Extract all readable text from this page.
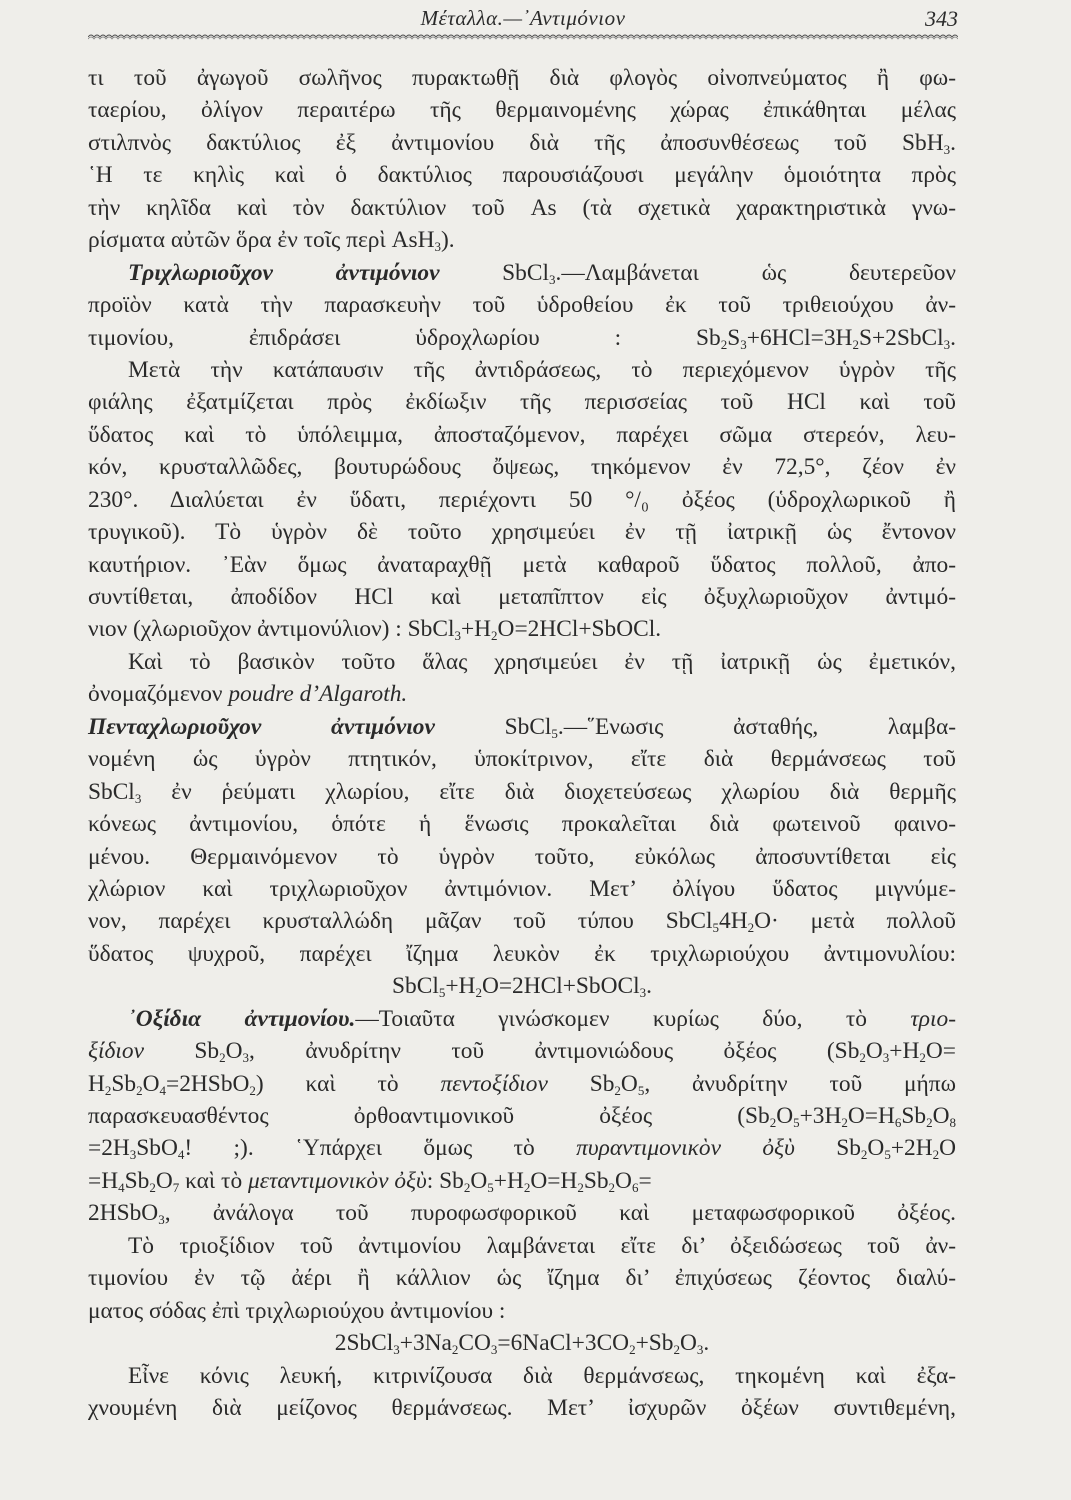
Μέταλλα.—᾿Αντιμόνιον	343
τι τοῦ ἀγωγοῦ σωλῆνος πυρακτωθῇ διὰ φλογὸς οἰνοπνεύματος ἢ φω-
ταερίου, ὀλίγον περαιτέρω τῆς θερμαινομένης χώρας ἐπικάθηται μέλας
στιλπνὸς δακτύλιος ἐξ ἀντιμονίου διὰ τῆς ἀποσυνθέσεως τοῦ SbH$_3$.
῾Η τε κηλὶς καὶ ὁ δακτύλιος παρουσιάζουσι μεγάλην ὁμοιότητα πρὸς
τὴν κηλῖδα καὶ τὸν δακτύλιον τοῦ As (τὰ σχετικὰ χαρακτηριστικὰ γνω-
ρίσματα αὐτῶν ὅρα ἐν τοῖς περὶ AsH$_3$).
Τριχλωριοῦχον ἀντιμόνιον SbCl$_3$.—Λαμβάνεται ὡς δευτερεῦον
προϊὸν κατὰ τὴν παρασκευὴν τοῦ ὑδροθείου ἐκ τοῦ τριθειούχου ἀν-
τιμονίου, ἐπιδράσει ὑδροχλωρίου : $Sb_2S_3+6HCl=3H_2S+2SbCl_3$.
Μετὰ τὴν κατάπαυσιν τῆς ἀντιδράσεως, τὸ περιεχόμενον ὑγρὸν τῆς
φιάλης ἐξατμίζεται πρὸς ἐκδίωξιν τῆς περισσείας τοῦ HCl καὶ τοῦ
ὕδατος καὶ τὸ ὑπόλειμμα, ἀποσταζόμενον, παρέχει σῶμα στερεόν, λευ-
κόν, κρυσταλλῶδες, βουτυρώδους ὄψεως, τηκόμενον ἐν 72,5°, ζέον ἐν
230°. Διαλύεται ἐν ὕδατι, περιέχοντι 50 °/₀ ὀξέος (ὑδροχλωρικοῦ ἢ
τρυγικοῦ). Τὸ ὑγρὸν δὲ τοῦτο χρησιμεύει ἐν τῇ ἰατρικῇ ὡς ἔντονον
καυτήριον. ᾿Εὰν ὅμως ἀναταραχθῇ μετὰ καθαροῦ ὕδατος πολλοῦ, ἀπο-
συντίθεται, ἀποδίδον HCl καὶ μεταπῖπτον εἰς ὀξυχλωριοῦχον ἀντιμό-
νιον (χλωριοῦχον ἀντιμονύλιον) : $SbCl_3+H_2O=2HCl+SbOCl$.
Καὶ τὸ βασικὸν τοῦτο ἅλας χρησιμεύει ἐν τῇ ἰατρικῇ ὡς ἐμετικόν,
ὀνομαζόμενον poudre d’Algaroth.
Πενταχλωριοῦχον ἀντιμόνιον SbCl$_5$.—῞Ενωσις ἀσταθής, λαμβα-
νομένη ὡς ὑγρὸν πτητικόν, ὑποκίτρινον, εἴτε διὰ θερμάνσεως τοῦ
SbCl$_3$ ἐν ῥεύματι χλωρίου, εἴτε διὰ διοχετεύσεως χλωρίου διὰ θερμῆς
κόνεως ἀντιμονίου, ὁπότε ἡ ἕνωσις προκαλεῖται διὰ φωτεινοῦ φαινο-
μένου. Θερμαινόμενον τὸ ὑγρὸν τοῦτο, εὐκόλως ἀποσυντίθεται εἰς
χλώριον καὶ τριχλωριοῦχον ἀντιμόνιον. Μετ’ ὀλίγου ὕδατος μιγνύμε-
νον, παρέχει κρυσταλλώδη μᾶζαν τοῦ τύπου $SbCl_54H_2O\cdot$ μετὰ πολλοῦ
ὕδατος ψυχροῦ, παρέχει ἴζημα λευκὸν ἐκ τριχλωριούχου ἀντιμονυλίου:
$SbCl_5+H_2O=2HCl+SbOCl_3$.
᾿Οξίδια ἀντιμονίου.—Τοιαῦτα γινώσκομεν κυρίως δύο, τὸ τριο-
ξίδιον $Sb_2O_3$, ἀνυδρίτην τοῦ ἀντιμονιώδους ὀξέος ($Sb_2O_3+H_2O=$
$H_2Sb_2O_4=2HSbO_2$) καὶ τὸ πεντοξίδιον $Sb_2O_5$, ἀνυδρίτην τοῦ μήπω
παρασκευασθέντος ὀρθοαντιμονικοῦ ὀξέος ($Sb_2O_5+3H_2O=H_6Sb_2O_8$
$=2H_3SbO_4$! ;). ῾Υπάρχει ὅμως τὸ πυραντιμονικὸν ὀξὺ $Sb_2O_5+2H_2O$
$=H_4Sb_2O_7$ καὶ τὸ μεταντιμονικὸν ὀξὺ: $Sb_2O_5+H_2O=H_2Sb_2O_6=$
2HSbO$_3$, ἀνάλογα τοῦ πυροφωσφορικοῦ καὶ μεταφωσφορικοῦ ὀξέος.
Τὸ τριοξίδιον τοῦ ἀντιμονίου λαμβάνεται εἴτε δι’ ὀξειδώσεως τοῦ ἀν-
τιμονίου ἐν τῷ ἀέρι ἢ κάλλιον ὡς ἴζημα δι’ ἐπιχύσεως ζέοντος διαλύ-
ματος σόδας ἐπὶ τριχλωριούχου ἀντιμονίου :
$2SbCl_3+3Na_2CO_3=6NaCl+3CO_2+Sb_2O_3$.
Εἶνε κόνις λευκή, κιτρινίζουσα διὰ θερμάνσεως, τηκομένη καὶ ἐξα-
χνουμένη διὰ μείζονος θερμάνσεως. Μετ’ ἰσχυρῶν ὀξέων συντιθεμένη,
